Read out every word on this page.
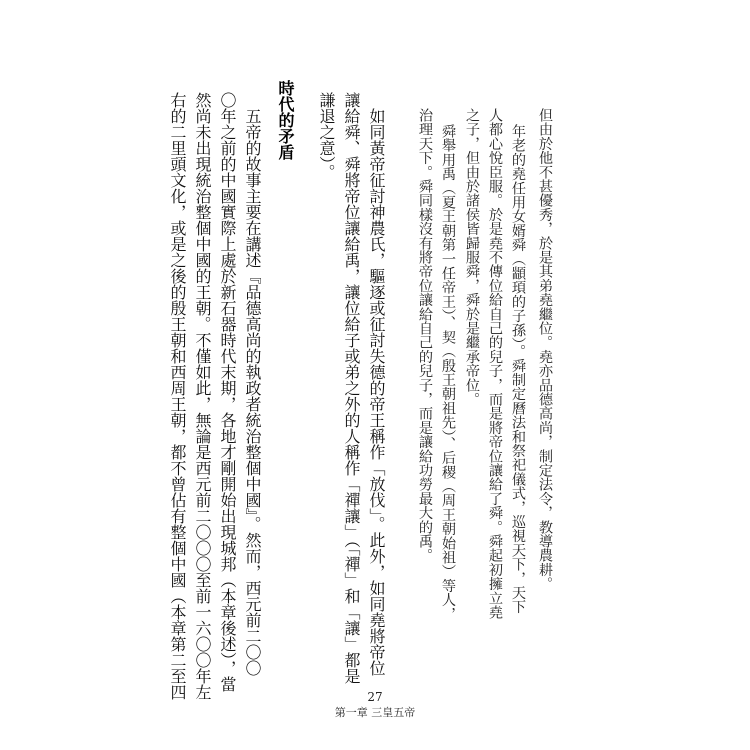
但由於他不甚優秀，於是其弟堯繼位。堯亦品德高尚，制定法令，教導農耕。
年老的堯任用女婿舜（顓頊的子孫）。舜制定曆法和祭祀儀式，巡視天下，天下
人都心悅臣服。於是堯不傳位給自己的兒子，而是將帝位讓給了舜。舜起初擁立堯
之子，但由於諸侯皆歸服舜，舜於是繼承帝位。
舜舉用禹（夏王朝第一任帝王）、契（殷王朝祖先）、后稷（周王朝始祖）等人，
治理天下。舜同樣沒有將帝位讓給自己的兒子，而是讓給功勞最大的禹。
如同黃帝征討神農氏，驅逐或征討失德的帝王稱作「放伐」。此外，如同堯將帝位
讓給舜、舜將帝位讓給禹，讓位給子或弟之外的人稱作「禪讓」（「禪」和「讓」都是
謙退之意）。
時代的矛盾
五帝的故事主要在講述『品德高尚的執政者統治整個中國』。然而，西元前二〇〇
〇年之前的中國實際上處於新石器時代末期，各地才剛開始出現城邦（本章後述），當
然尚未出現統治整個中國的王朝。不僅如此，無論是西元前二〇〇〇至前一六〇〇年左
右的二里頭文化，或是之後的殷王朝和西周王朝，都不曾佔有整個中國（本章第二至四	27
第一章 三皇五帝
